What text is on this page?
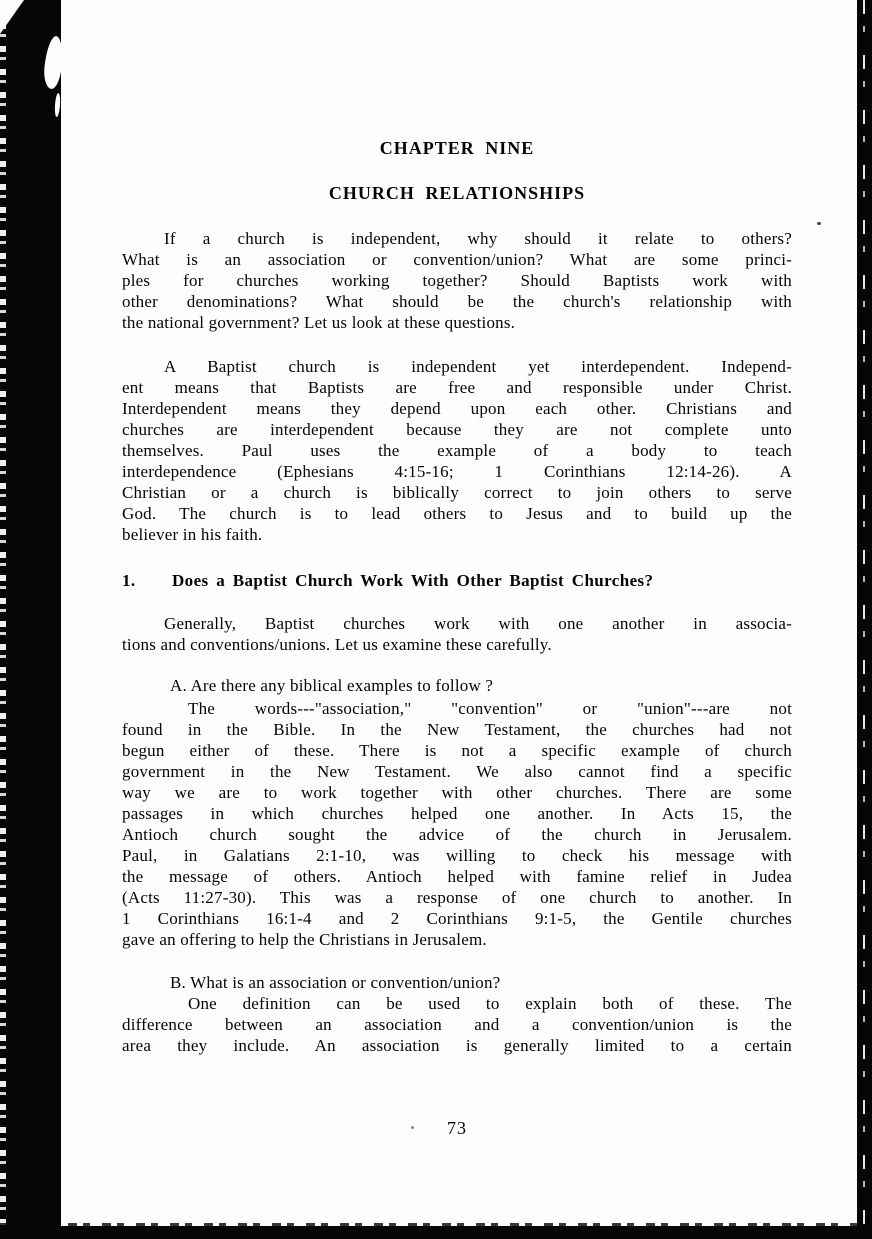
CHAPTER NINE
CHURCH RELATIONSHIPS
If a church is independent, why should it relate to others?
What is an association or convention/union? What are some princi-
ples for churches working together? Should Baptists work with
other denominations? What should be the church's relationship with
the national government? Let us look at these questions.
A Baptist church is independent yet interdependent. Independ-
ent means that Baptists are free and responsible under Christ.
Interdependent means they depend upon each other. Christians and
churches are interdependent because they are not complete unto
themselves. Paul uses the example of a body to teach
interdependence (Ephesians 4:15-16; 1 Corinthians 12:14-26). A
Christian or a church is biblically correct to join others to serve
God. The church is to lead others to Jesus and to build up the
believer in his faith.
1.	Does a Baptist Church Work With Other Baptist Churches?
Generally, Baptist churches work with one another in associa-
tions and conventions/unions. Let us examine these carefully.
A. Are there any biblical examples to follow ?
The words---"association," "convention" or "union"---are not
found in the Bible. In the New Testament, the churches had not
begun either of these. There is not a specific example of church
government in the New Testament. We also cannot find a specific
way we are to work together with other churches. There are some
passages in which churches helped one another. In Acts 15, the
Antioch church sought the advice of the church in Jerusalem.
Paul, in Galatians 2:1-10, was willing to check his message with
the message of others. Antioch helped with famine relief in Judea
(Acts 11:27-30). This was a response of one church to another. In
1 Corinthians 16:1-4 and 2 Corinthians 9:1-5, the Gentile churches
gave an offering to help the Christians in Jerusalem.
B. What is an association or convention/union?
One definition can be used to explain both of these. The
difference between an association and a convention/union is the
area they include. An association is generally limited to a certain
73
